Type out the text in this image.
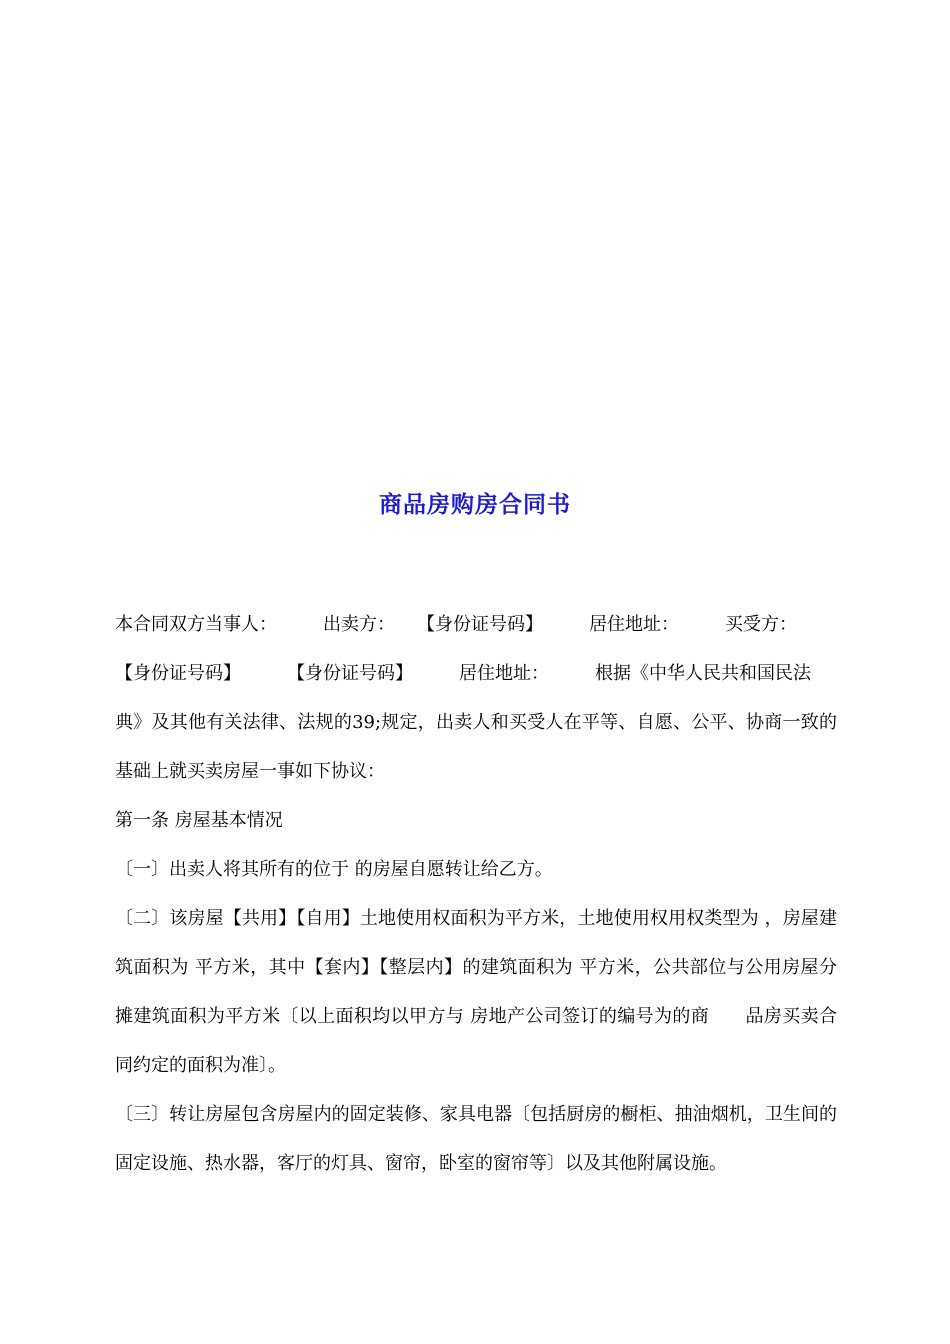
商品房购房合同书

本合同双方当事人：	出卖方： 【身份证号码】	居住地址：	买受方：
【身份证号码】	【身份证号码】	居住地址：	根据《中华人民共和国民法
典》及其他有关法律、法规的39;规定，出卖人和买受人在平等、自愿、公平、协商一致的基础上就买卖房屋一事如下协议：

第一条 房屋基本情况

〔一〕出卖人将其所有的位于 的房屋自愿转让给乙方。

〔二〕该房屋【共用】【自用】土地使用权面积为平方米，土地使用权用权类型为 ，房屋建筑面积为 平方米，其中【套内】【整层内】的建筑面积为 平方米，公共部位与公用房屋分摊建筑面积为平方米〔以上面积均以甲方与 房地产公司签订的编号为的商 品房买卖合同约定的面积为准〕。

〔三〕转让房屋包含房屋内的固定装修、家具电器〔包括厨房的橱柜、抽油烟机，卫生间的固定设施、热水器，客厅的灯具、窗帘，卧室的窗帘等〕以及其他附属设施。
